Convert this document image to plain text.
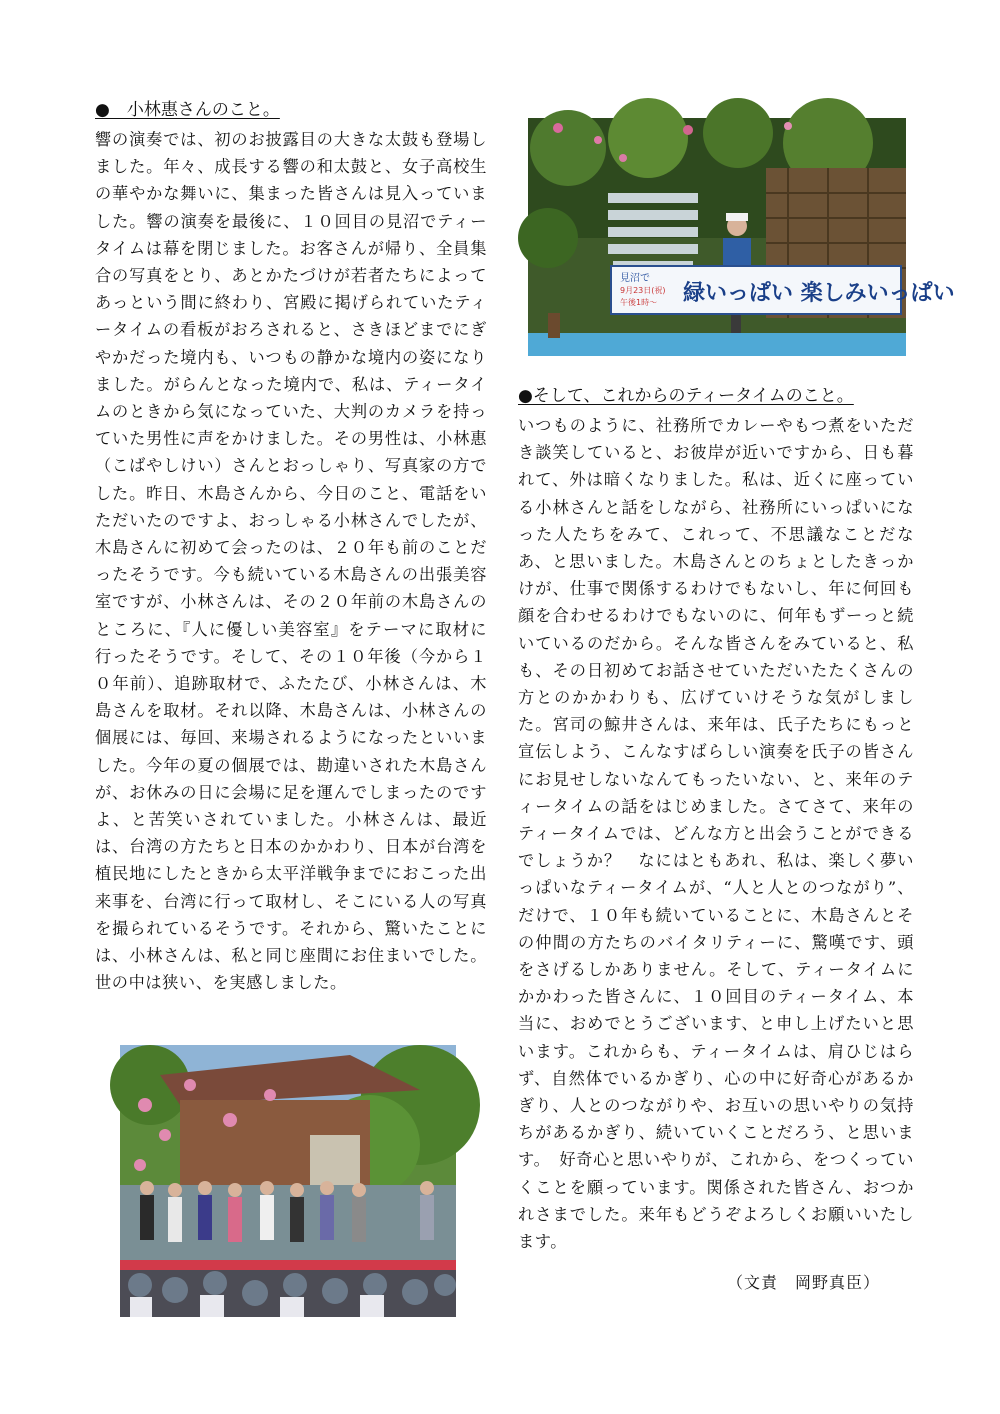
●　小林惠さんのこと。

響の演奏では、初のお披露目の大きな太鼓も登場しました。年々、成長する響の和太鼓と、女子高校生の華やかな舞いに、集まった皆さんは見入っていました。響の演奏を最後に、１０回目の見沼でティータイムは幕を閉じました。お客さんが帰り、全員集合の写真をとり、あとかたづけが若者たちによってあっという間に終わり、宮殿に掲げられていたティータイムの看板がおろされると、さきほどまでにぎやかだった境内も、いつもの静かな境内の姿になりました。がらんとなった境内で、私は、ティータイムのときから気になっていた、大判のカメラを持っていた男性に声をかけました。その男性は、小林惠（こばやしけい）さんとおっしゃり、写真家の方でした。昨日、木島さんから、今日のこと、電話をいただいたのですよ、おっしゃる小林さんでしたが、木島さんに初めて会ったのは、２０年も前のことだったそうです。今も続いている木島さんの出張美容室ですが、小林さんは、その２０年前の木島さんのところに、『人に優しい美容室』をテーマに取材に行ったそうです。そして、その１０年後（今から１０年前）、追跡取材で、ふたたび、小林さんは、木島さんを取材。それ以降、木島さんは、小林さんの個展には、毎回、来場されるようになったといいました。今年の夏の個展では、勘違いされた木島さんが、お休みの日に会場に足を運んでしまったのですよ、と苦笑いされていました。小林さんは、最近は、台湾の方たちと日本のかかわり、日本が台湾を植民地にしたときから太平洋戦争までにおこった出来事を、台湾に行って取材し、そこにいる人の写真を撮られているそうです。それから、驚いたことには、小林さんは、私と同じ座間にお住まいでした。世の中は狭い、を実感しました。

見沼で
9月23日(祝)
午後1時〜 緑いっぱい 楽しみいっぱい

●そして、これからのティータイムのこと。

いつものように、社務所でカレーやもつ煮をいただき談笑していると、お彼岸が近いですから、日も暮れて、外は暗くなりました。私は、近くに座っている小林さんと話をしながら、社務所にいっぱいになった人たちをみて、これって、不思議なことだなあ、と思いました。木島さんとのちょとしたきっかけが、仕事で関係するわけでもないし、年に何回も顔を合わせるわけでもないのに、何年もずーっと続いているのだから。そんな皆さんをみていると、私も、その日初めてお話させていただいたたくさんの方とのかかわりも、広げていけそうな気がしました。宮司の鯨井さんは、来年は、氏子たちにもっと宣伝しよう、こんなすばらしい演奏を氏子の皆さんにお見せしないなんてもったいない、と、来年のティータイムの話をはじめました。さてさて、来年のティータイムでは、どんな方と出会うことができるでしょうか？　なにはともあれ、私は、楽しく夢いっぱいなティータイムが、“人と人とのつながり”、だけで、１０年も続いていることに、木島さんとその仲間の方たちのバイタリティーに、驚嘆です、頭をさげるしかありません。そして、ティータイムにかかわった皆さんに、１０回目のティータイム、本当に、おめでとうございます、と申し上げたいと思います。これからも、ティータイムは、肩ひじはらず、自然体でいるかぎり、心の中に好奇心があるかぎり、人とのつながりや、お互いの思いやりの気持ちがあるかぎり、続いていくことだろう、と思います。　好奇心と思いやりが、これから、をつくっていくことを願っています。関係された皆さん、おつかれさまでした。来年もどうぞよろしくお願いいたします。

（文責　岡野真臣）
